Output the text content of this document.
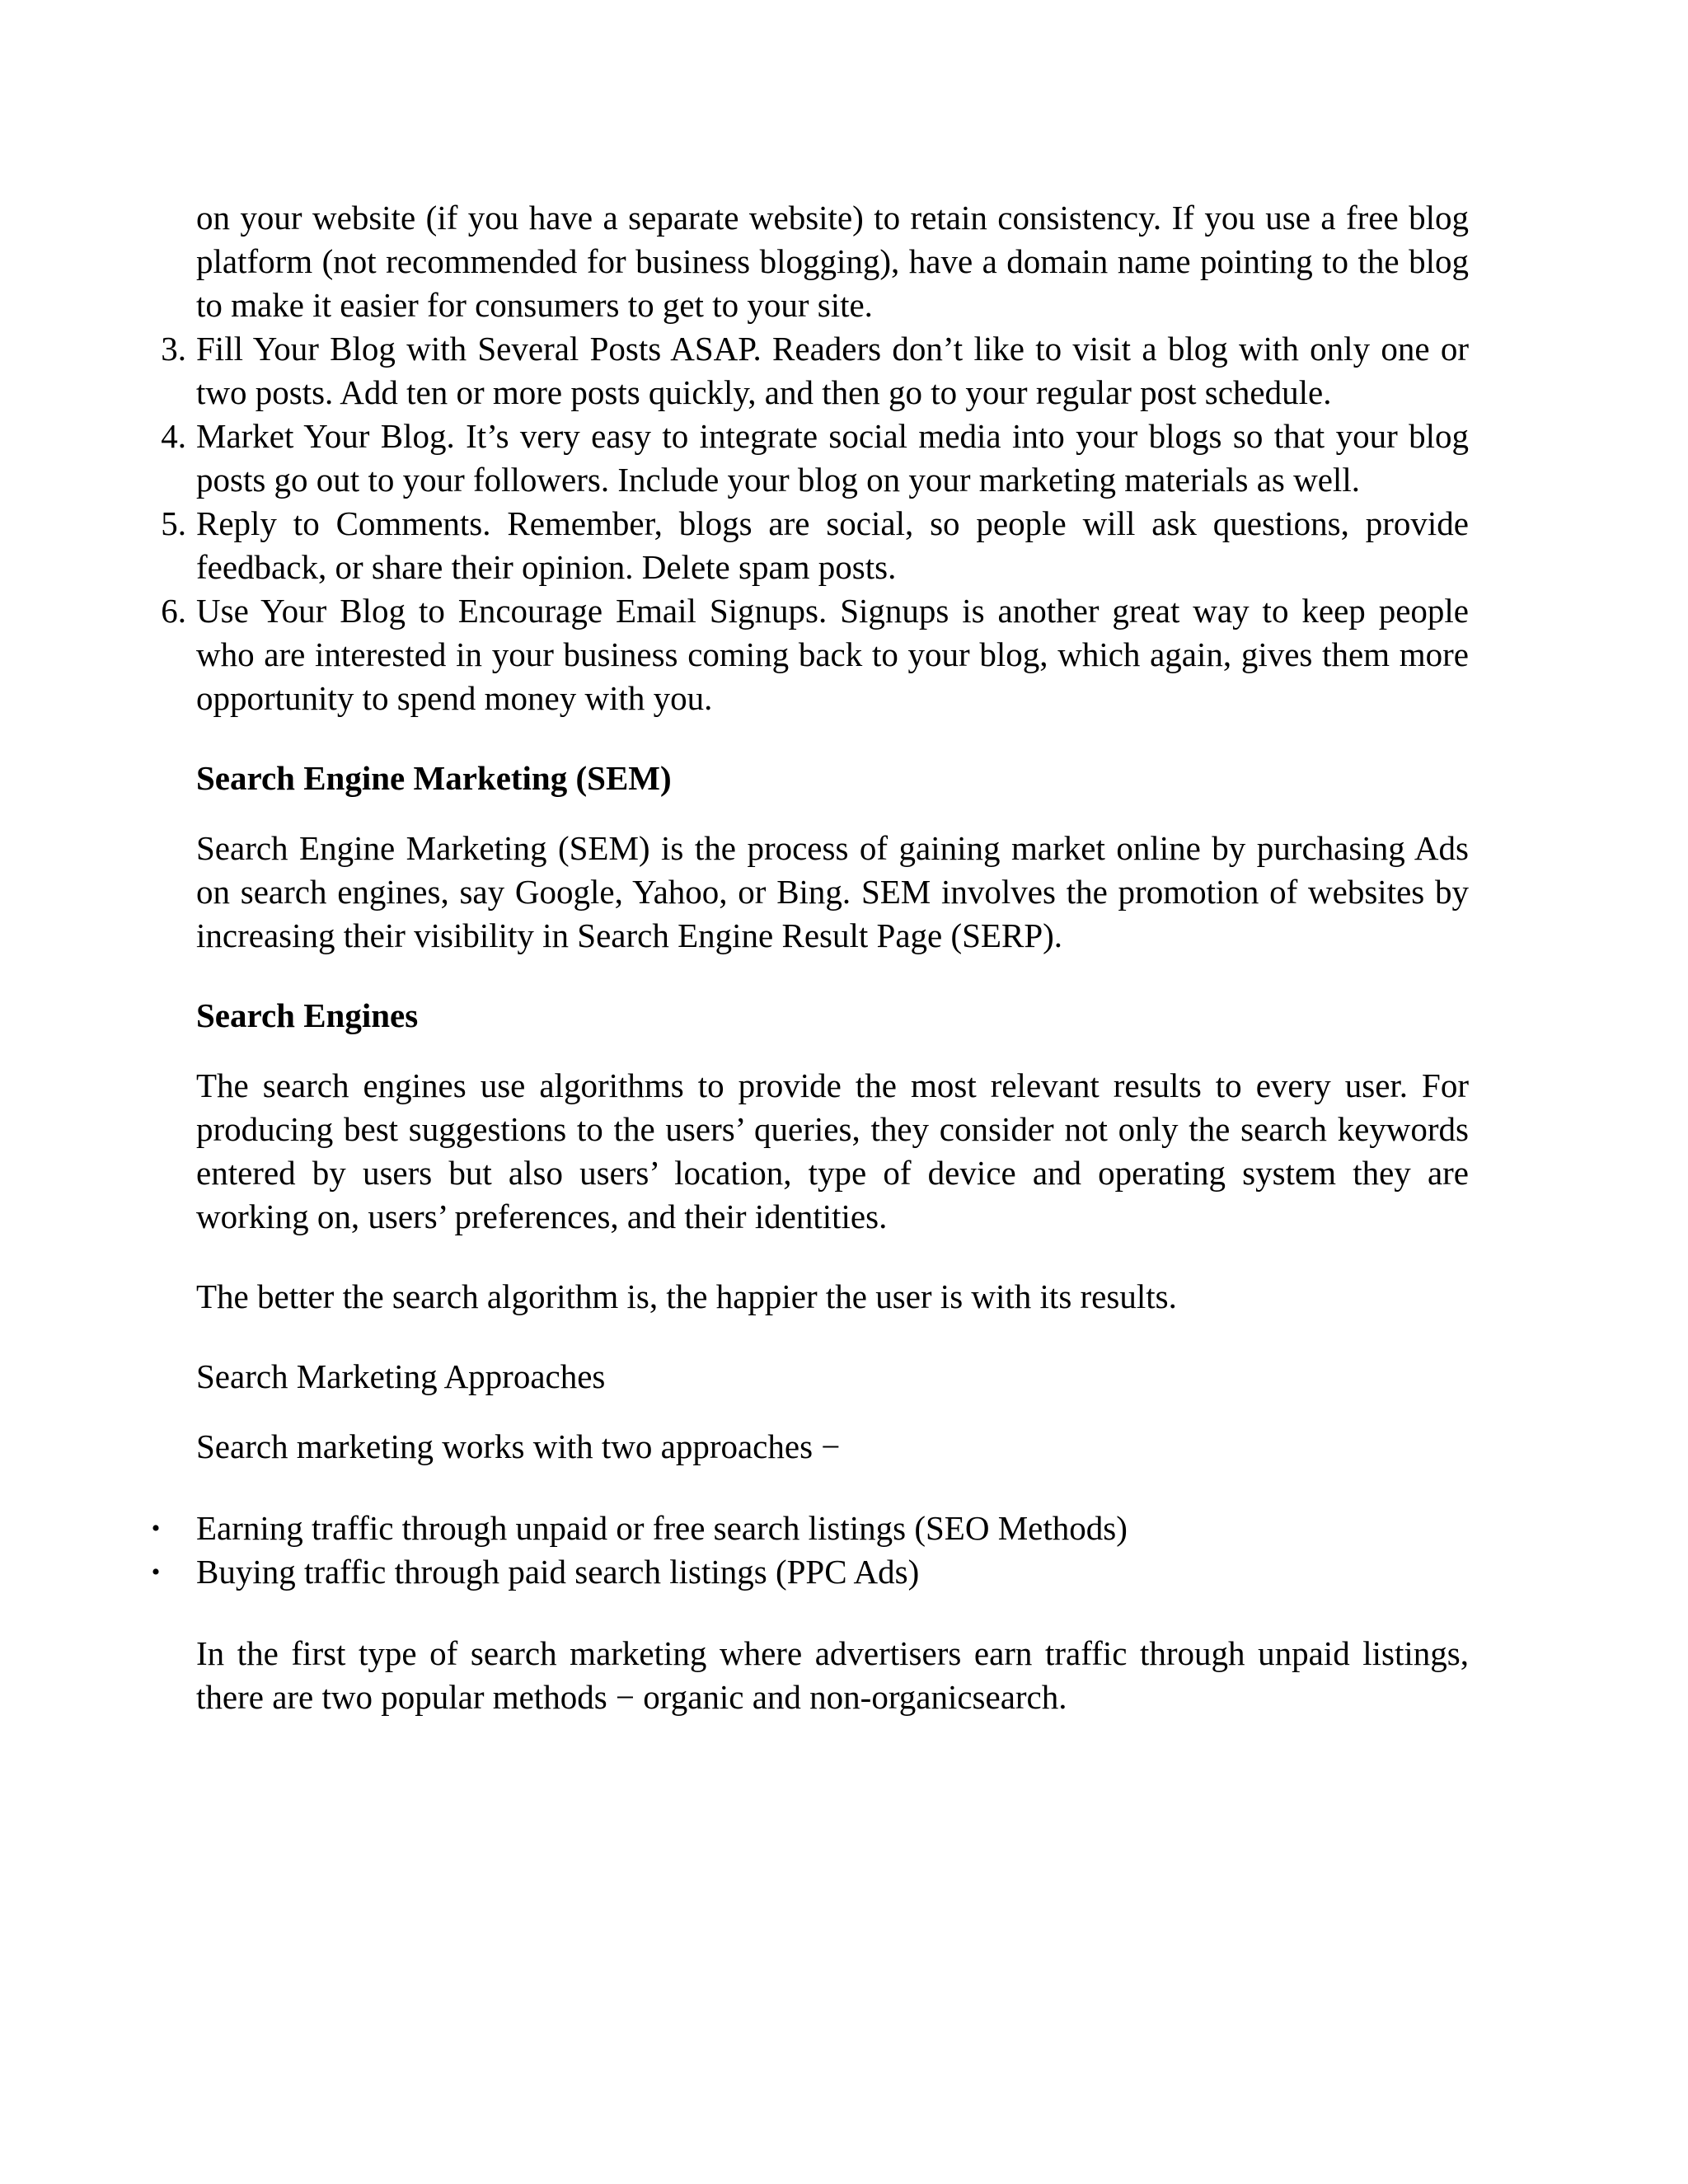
on your website (if you have a separate website) to retain consistency. If you use a free blog platform (not recommended for business blogging), have a domain name pointing to the blog to make it easier for consumers to get to your site.

3. Fill Your Blog with Several Posts ASAP. Readers don’t like to visit a blog with only one or two posts. Add ten or more posts quickly, and then go to your regular post schedule.
4. Market Your Blog. It’s very easy to integrate social media into your blogs so that your blog posts go out to your followers. Include your blog on your marketing materials as well.
5. Reply to Comments. Remember, blogs are social, so people will ask questions, provide feedback, or share their opinion. Delete spam posts.
6. Use Your Blog to Encourage Email Signups. Signups is another great way to keep people who are interested in your business coming back to your blog, which again, gives them more opportunity to spend money with you.

Search Engine Marketing (SEM)

Search Engine Marketing (SEM) is the process of gaining market online by purchasing Ads on search engines, say Google, Yahoo, or Bing. SEM involves the promotion of websites by increasing their visibility in Search Engine Result Page (SERP).

Search Engines

The search engines use algorithms to provide the most relevant results to every user. For producing best suggestions to the users’ queries, they consider not only the search keywords entered by users but also users’ location, type of device and operating system they are working on, users’ preferences, and their identities.

The better the search algorithm is, the happier the user is with its results.

Search Marketing Approaches

Search marketing works with two approaches −

• Earning traffic through unpaid or free search listings (SEO Methods)
• Buying traffic through paid search listings (PPC Ads)

In the first type of search marketing where advertisers earn traffic through unpaid listings, there are two popular methods − organic and non-organicsearch.
